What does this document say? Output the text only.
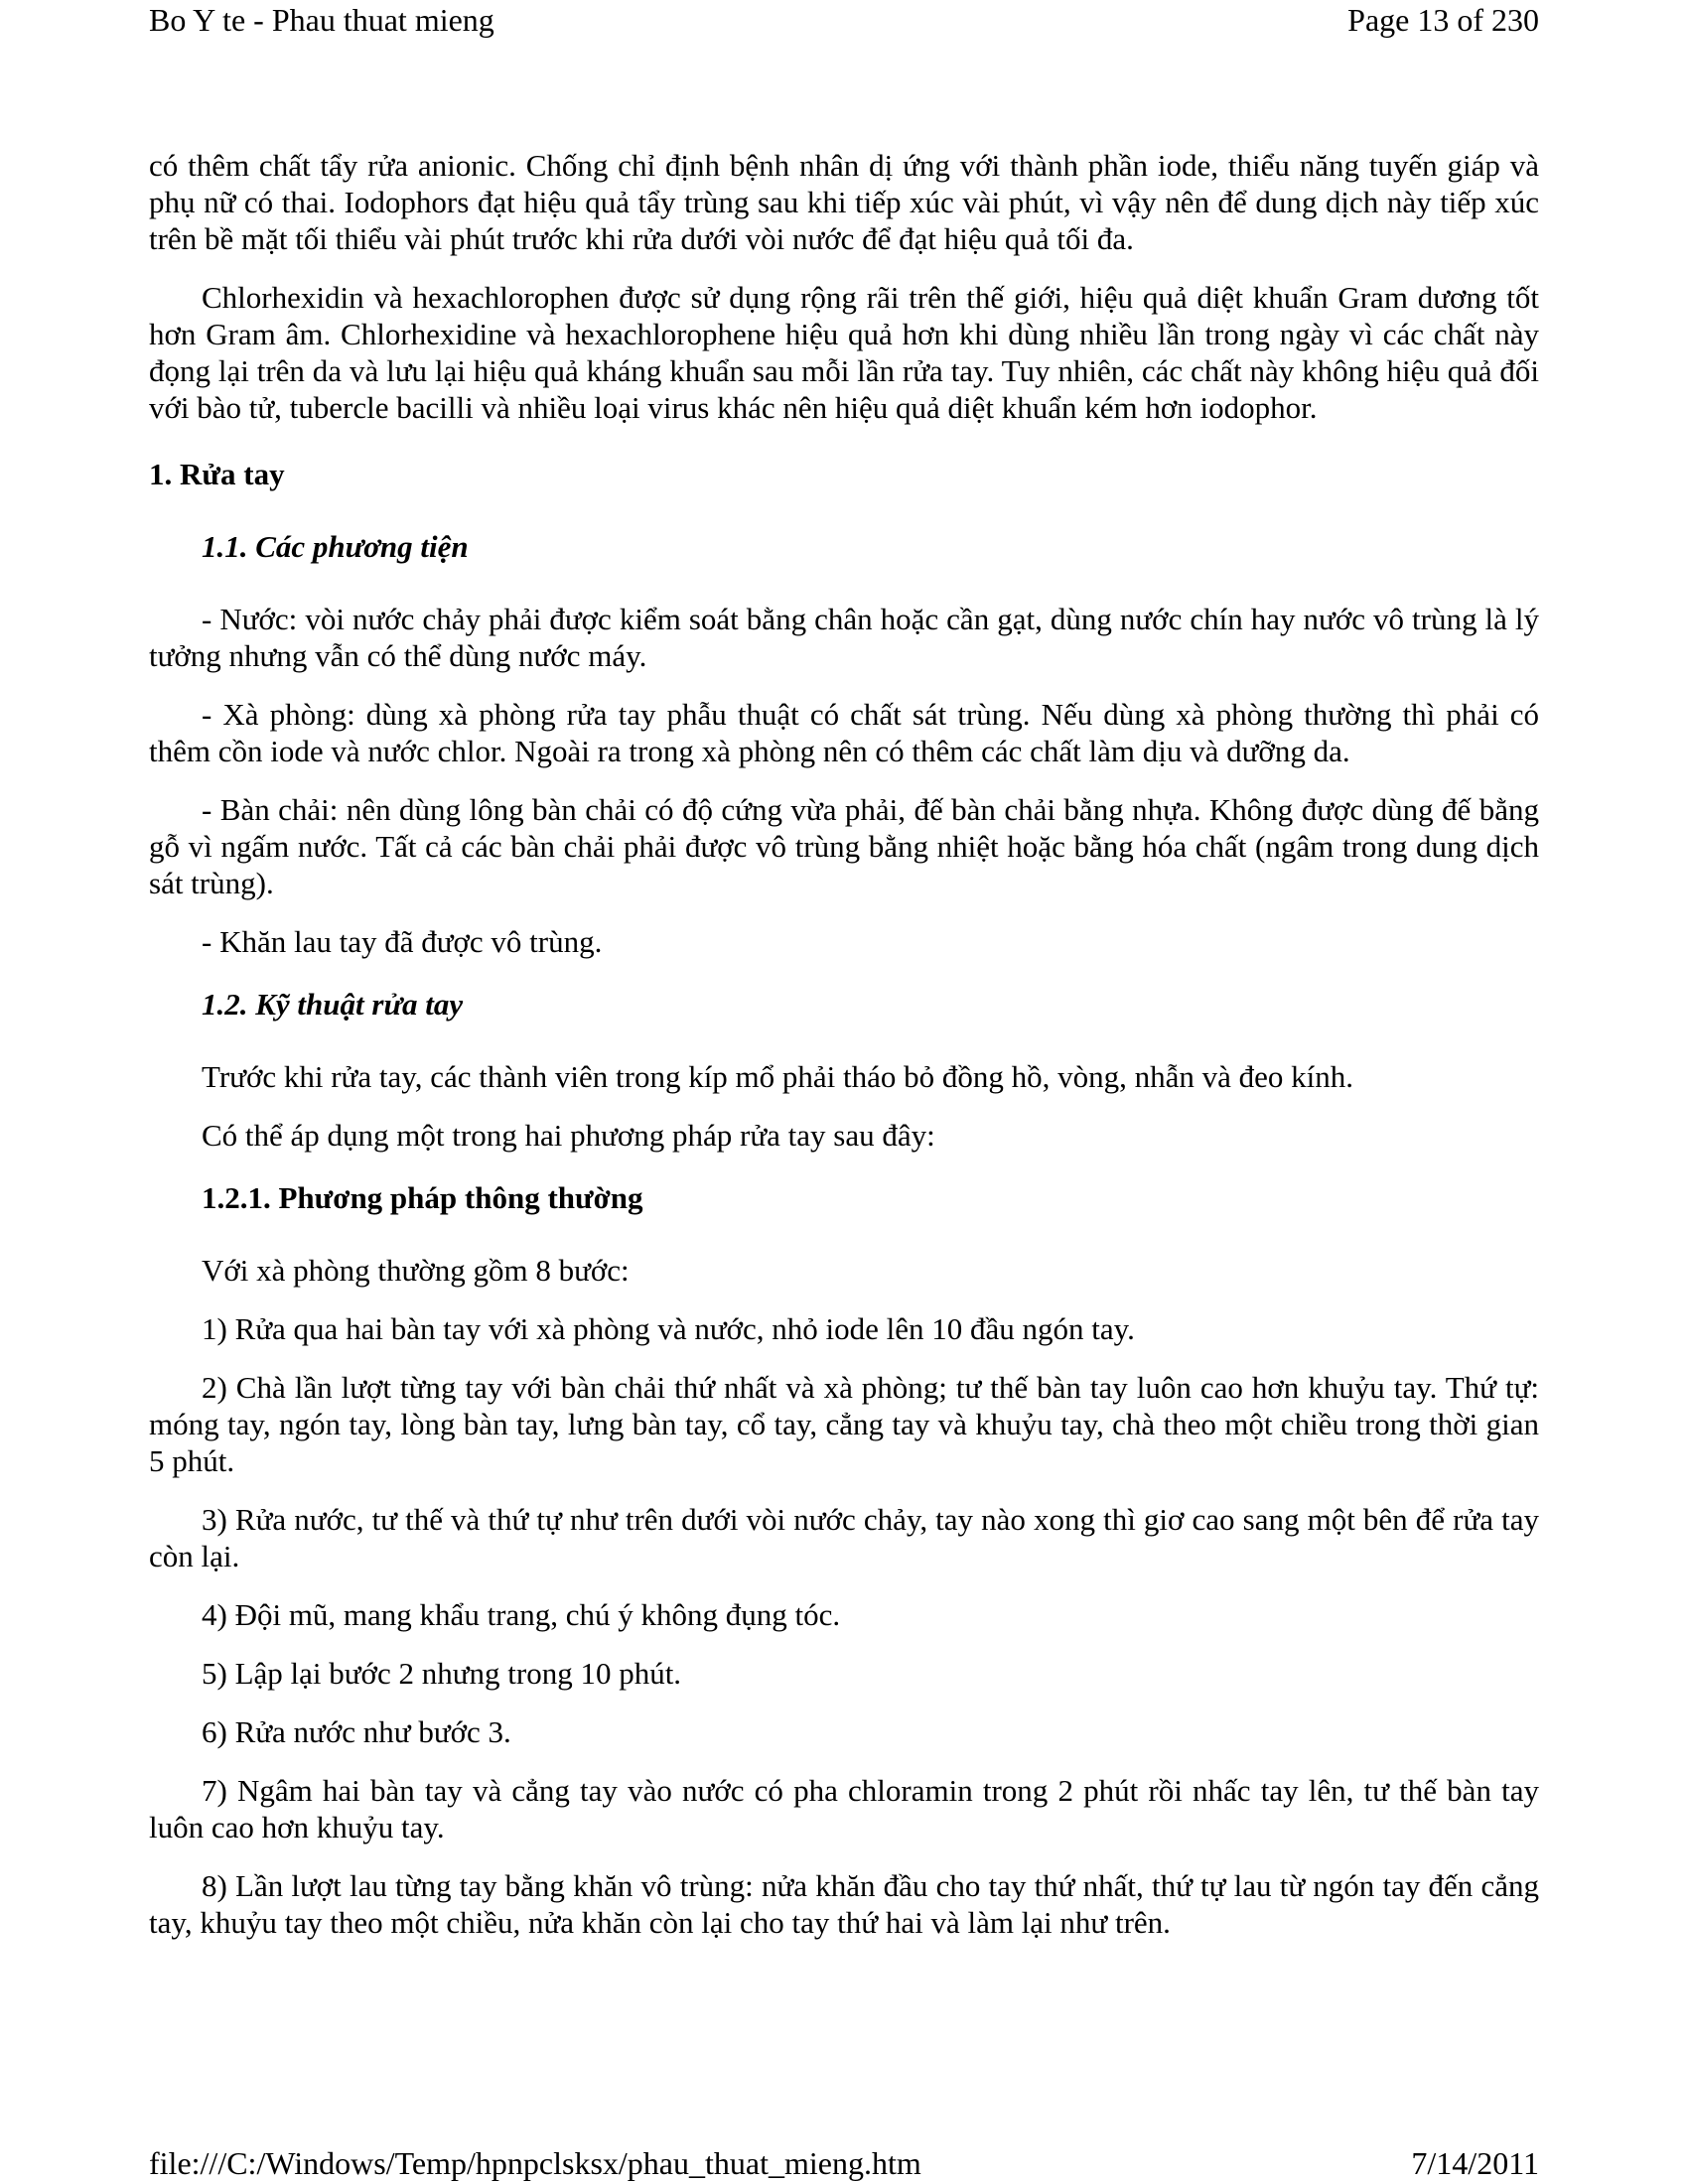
Bo Y te - Phau thuat mieng	Page 13 of 230

có thêm chất tẩy rửa anionic. Chống chỉ định bệnh nhân dị ứng với thành phần iode, thiểu năng tuyến giáp và phụ nữ có thai. Iodophors đạt hiệu quả tẩy trùng sau khi tiếp xúc vài phút, vì vậy nên để dung dịch này tiếp xúc trên bề mặt tối thiểu vài phút trước khi rửa dưới vòi nước để đạt hiệu quả tối đa.

Chlorhexidin và hexachlorophen được sử dụng rộng rãi trên thế giới, hiệu quả diệt khuẩn Gram dương tốt hơn Gram âm. Chlorhexidine và hexachlorophene hiệu quả hơn khi dùng nhiều lần trong ngày vì các chất này đọng lại trên da và lưu lại hiệu quả kháng khuẩn sau mỗi lần rửa tay. Tuy nhiên, các chất này không hiệu quả đối với bào tử, tubercle bacilli và nhiều loại virus khác nên hiệu quả diệt khuẩn kém hơn iodophor.

1. Rửa tay

1.1. Các phương tiện

- Nước: vòi nước chảy phải được kiểm soát bằng chân hoặc cần gạt, dùng nước chín hay nước vô trùng là lý tưởng nhưng vẫn có thể dùng nước máy.

- Xà phòng: dùng xà phòng rửa tay phẫu thuật có chất sát trùng. Nếu dùng xà phòng thường thì phải có thêm cồn iode và nước chlor. Ngoài ra trong xà phòng nên có thêm các chất làm dịu và dưỡng da.

- Bàn chải: nên dùng lông bàn chải có độ cứng vừa phải, đế bàn chải bằng nhựa. Không được dùng đế bằng gỗ vì ngấm nước. Tất cả các bàn chải phải được vô trùng bằng nhiệt hoặc bằng hóa chất (ngâm trong dung dịch sát trùng).

- Khăn lau tay đã được vô trùng.

1.2. Kỹ thuật rửa tay

Trước khi rửa tay, các thành viên trong kíp mổ phải tháo bỏ đồng hồ, vòng, nhẫn và đeo kính.

Có thể áp dụng một trong hai phương pháp rửa tay sau đây:

1.2.1. Phương pháp thông thường

Với xà phòng thường gồm 8 bước:

1) Rửa qua hai bàn tay với xà phòng và nước, nhỏ iode lên 10 đầu ngón tay.

2) Chà lần lượt từng tay với bàn chải thứ nhất và xà phòng; tư thế bàn tay luôn cao hơn khuỷu tay. Thứ tự: móng tay, ngón tay, lòng bàn tay, lưng bàn tay, cổ tay, cẳng tay và khuỷu tay, chà theo một chiều trong thời gian 5 phút.

3) Rửa nước, tư thế và thứ tự như trên dưới vòi nước chảy, tay nào xong thì giơ cao sang một bên để rửa tay còn lại.

4) Đội mũ, mang khẩu trang, chú ý không đụng tóc.

5) Lập lại bước 2 nhưng trong 10 phút.

6) Rửa nước như bước 3.

7) Ngâm hai bàn tay và cẳng tay vào nước có pha chloramin trong 2 phút rồi nhấc tay lên, tư thế bàn tay luôn cao hơn khuỷu tay.

8) Lần lượt lau từng tay bằng khăn vô trùng: nửa khăn đầu cho tay thứ nhất, thứ tự lau từ ngón tay đến cẳng tay, khuỷu tay theo một chiều, nửa khăn còn lại cho tay thứ hai và làm lại như trên.

file:///C:/Windows/Temp/hpnpclsksx/phau_thuat_mieng.htm	7/14/2011
